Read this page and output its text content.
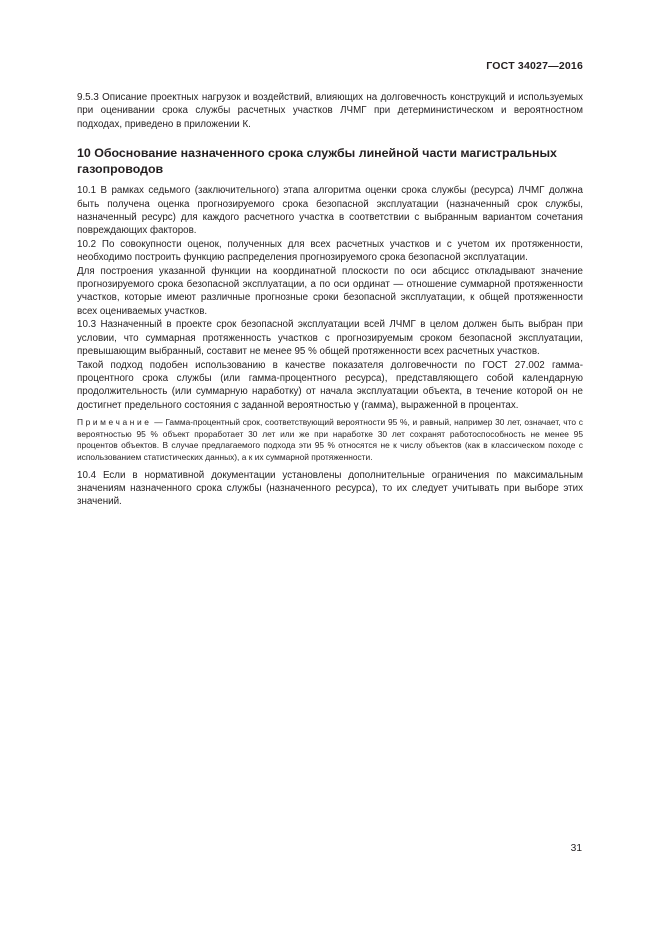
ГОСТ 34027—2016

9.5.3 Описание проектных нагрузок и воздействий, влияющих на долговечность конструкций и используемых при оценивании срока службы расчетных участков ЛЧМГ при детерминистическом и вероятностном подходах, приведено в приложении К.

10 Обоснование назначенного срока службы линейной части магистральных газопроводов

10.1 В рамках седьмого (заключительного) этапа алгоритма оценки срока службы (ресурса) ЛЧМГ должна быть получена оценка прогнозируемого срока безопасной эксплуатации (назначенный срок службы, назначенный ресурс) для каждого расчетного участка в соответствии с выбранным вариантом сочетания повреждающих факторов.

10.2 По совокупности оценок, полученных для всех расчетных участков и с учетом их протяженности, необходимо построить функцию распределения прогнозируемого срока безопасной эксплуатации.

Для построения указанной функции на координатной плоскости по оси абсцисс откладывают значение прогнозируемого срока безопасной эксплуатации, а по оси ординат — отношение суммарной протяженности участков, которые имеют различные прогнозные сроки безопасной эксплуатации, к общей протяженности всех оцениваемых участков.

10.3 Назначенный в проекте срок безопасной эксплуатации всей ЛЧМГ в целом должен быть выбран при условии, что суммарная протяженность участков с прогнозируемым сроком безопасной эксплуатации, превышающим выбранный, составит не менее 95 % общей протяженности всех расчетных участков.

Такой подход подобен использованию в качестве показателя долговечности по ГОСТ 27.002 гамма-процентного срока службы (или гамма-процентного ресурса), представляющего собой календарную продолжительность (или суммарную наработку) от начала эксплуатации объекта, в течение которой он не достигнет предельного состояния с заданной вероятностью γ (гамма), выраженной в процентах.

Примечание — Гамма-процентный срок, соответствующий вероятности 95 %, и равный, например 30 лет, означает, что с вероятностью 95 % объект проработает 30 лет или же при наработке 30 лет сохранят работоспособность не менее 95 процентов объектов. В случае предлагаемого подхода эти 95 % относятся не к числу объектов (как в классическом походе с использованием статистических данных), а к их суммарной протяженности.

10.4 Если в нормативной документации установлены дополнительные ограничения по максимальным значениям назначенного срока службы (назначенного ресурса), то их следует учитывать при выборе этих значений.

31
